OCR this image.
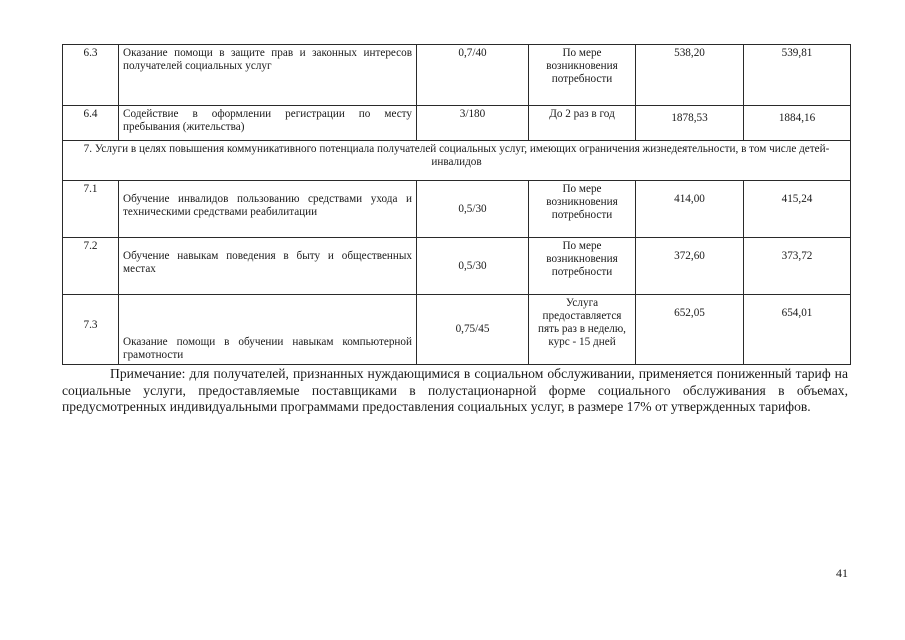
6.3	Оказание помощи в защите прав и законных интересов получателей социальных услуг	0,7/40	По мере возникновения потребности	538,20	539,81
6.4	Содействие в оформлении регистрации по месту пребывания (жительства)	3/180	До 2 раз в год	1878,53	1884,16
7. Услуги в целях повышения коммуникативного потенциала получателей социальных услуг, имеющих ограничения жизнедеятельности, в том числе детей-инвалидов					
7.1	Обучение инвалидов пользованию средствами ухода и техническими средствами реабилитации	0,5/30	По мере возникновения потребности	414,00	415,24
7.2	Обучение навыкам поведения в быту и общественных местах	0,5/30	По мере возникновения потребности	372,60	373,72
7.3	Оказание помощи в обучении навыкам компьютерной грамотности	0,75/45	Услуга предоставляется пять раз в неделю, курс - 15 дней	652,05	654,01

Примечание: для получателей, признанных нуждающимися в социальном обслуживании, применяется пониженный тариф на социальные услуги, предоставляемые поставщиками в полустационарной форме социального обслуживания в объемах, предусмотренных индивидуальными программами предоставления социальных услуг, в размере 17% от утвержденных тарифов.

41
